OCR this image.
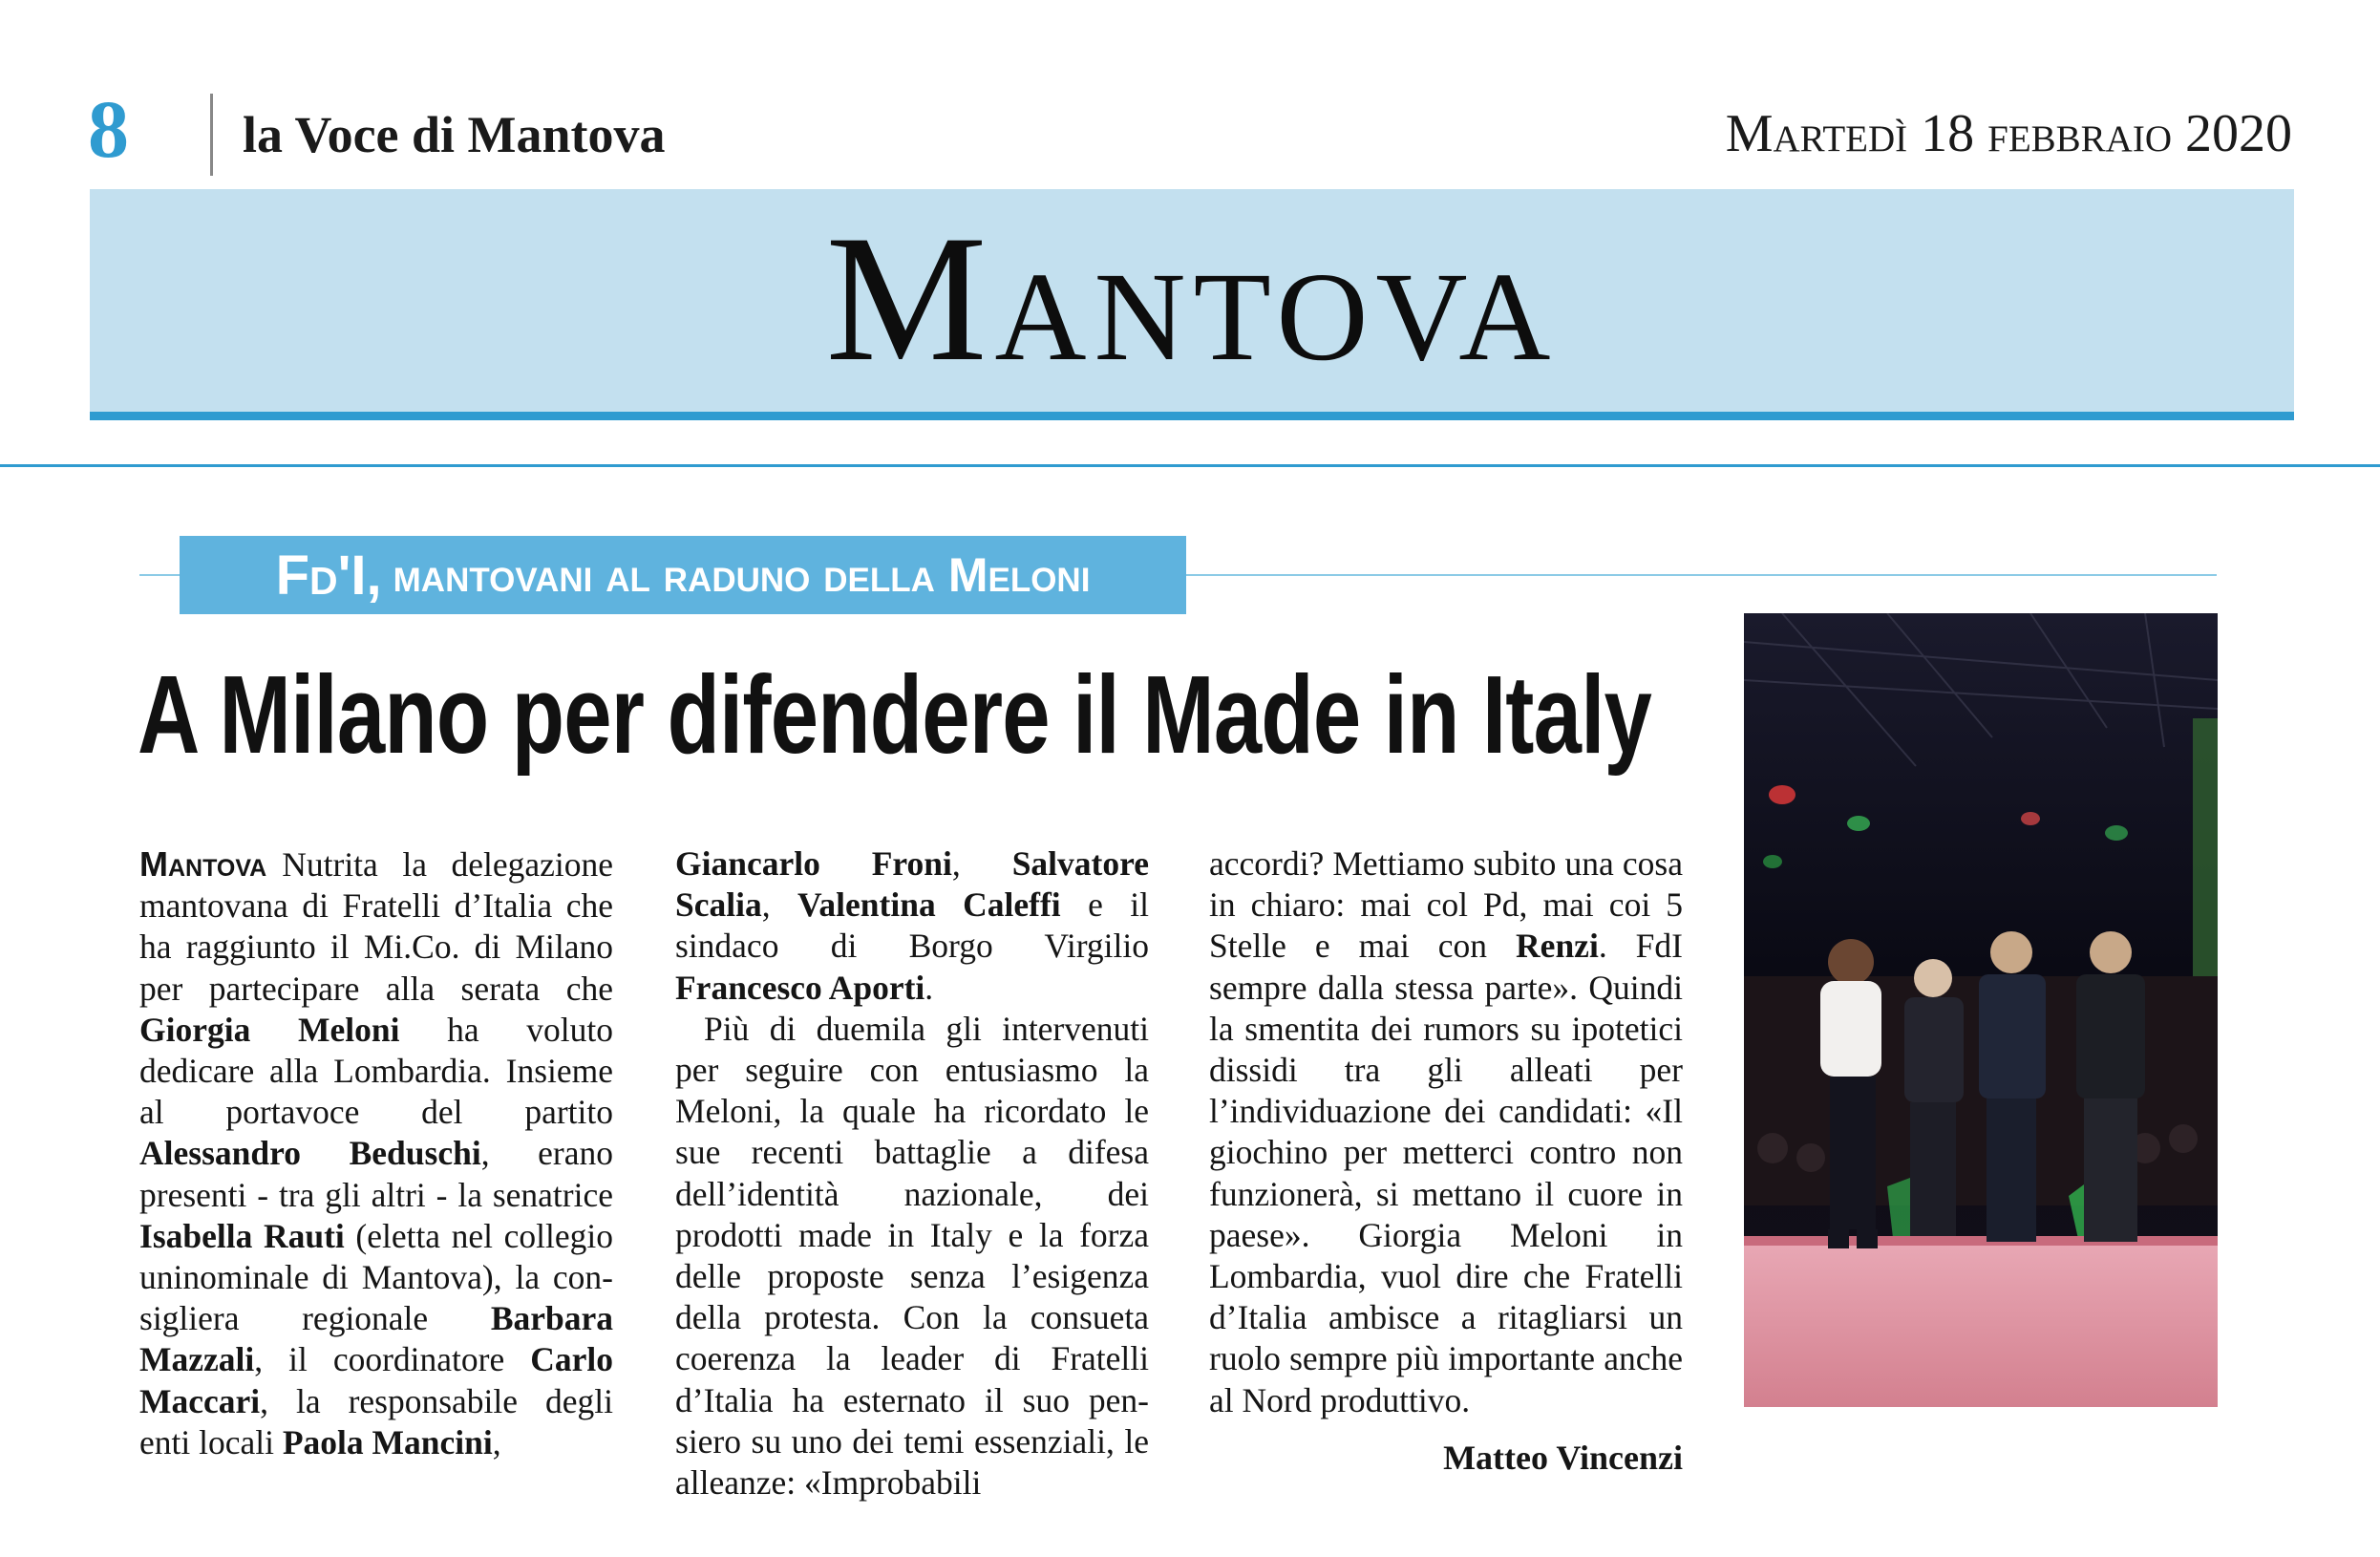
8 la Voce di Mantova	Martedì 18 febbraio 2020
Mantova
Fd'I, mantovani al raduno della Meloni
A Milano per difendere il Made in Italy

Mantova Nutrita la delegazione mantovana di Fratelli d’Italia che ha raggiunto il Mi.Co. di Milano per partecipare alla serata che Giorgia Meloni ha voluto dedicare alla Lombardia. Insieme al portavoce del partito Alessandro Beduschi, erano presenti - tra gli altri - la senatrice Isabella Rauti (eletta nel collegio uninominale di Mantova), la consigliera regionale Barbara Mazzali, il coordinatore Carlo Maccari, la responsabile degli enti locali Paola Mancini,

Giancarlo Froni, Salvatore Scalia, Valentina Caleffi e il sindaco di Borgo Virgilio Francesco Aporti.

Più di duemila gli intervenuti per seguire con entusiasmo la Meloni, la quale ha ricordato le sue recenti battaglie a difesa dell’identità nazionale, dei prodotti made in Italy e la forza delle proposte senza l’esigenza della protesta. Con la consueta coerenza la leader di Fratelli d’Italia ha esternato il suo pensiero su uno dei temi essenziali, le alleanze: «Improbabili

accordi? Mettiamo subito una cosa in chiaro: mai col Pd, mai coi 5 Stelle e mai con Renzi. FdI sempre dalla stessa parte». Quindi la smentita dei rumors su ipotetici dissidi tra gli alleati per l’individuazione dei candidati: «Il giochino per metterci contro non funzionerà, si mettano il cuore in paese». Giorgia Meloni in Lombardia, vuol dire che Fratelli d’Italia ambisce a ritagliarsi un ruolo sempre più importante anche al Nord produttivo.

Matteo Vincenzi
